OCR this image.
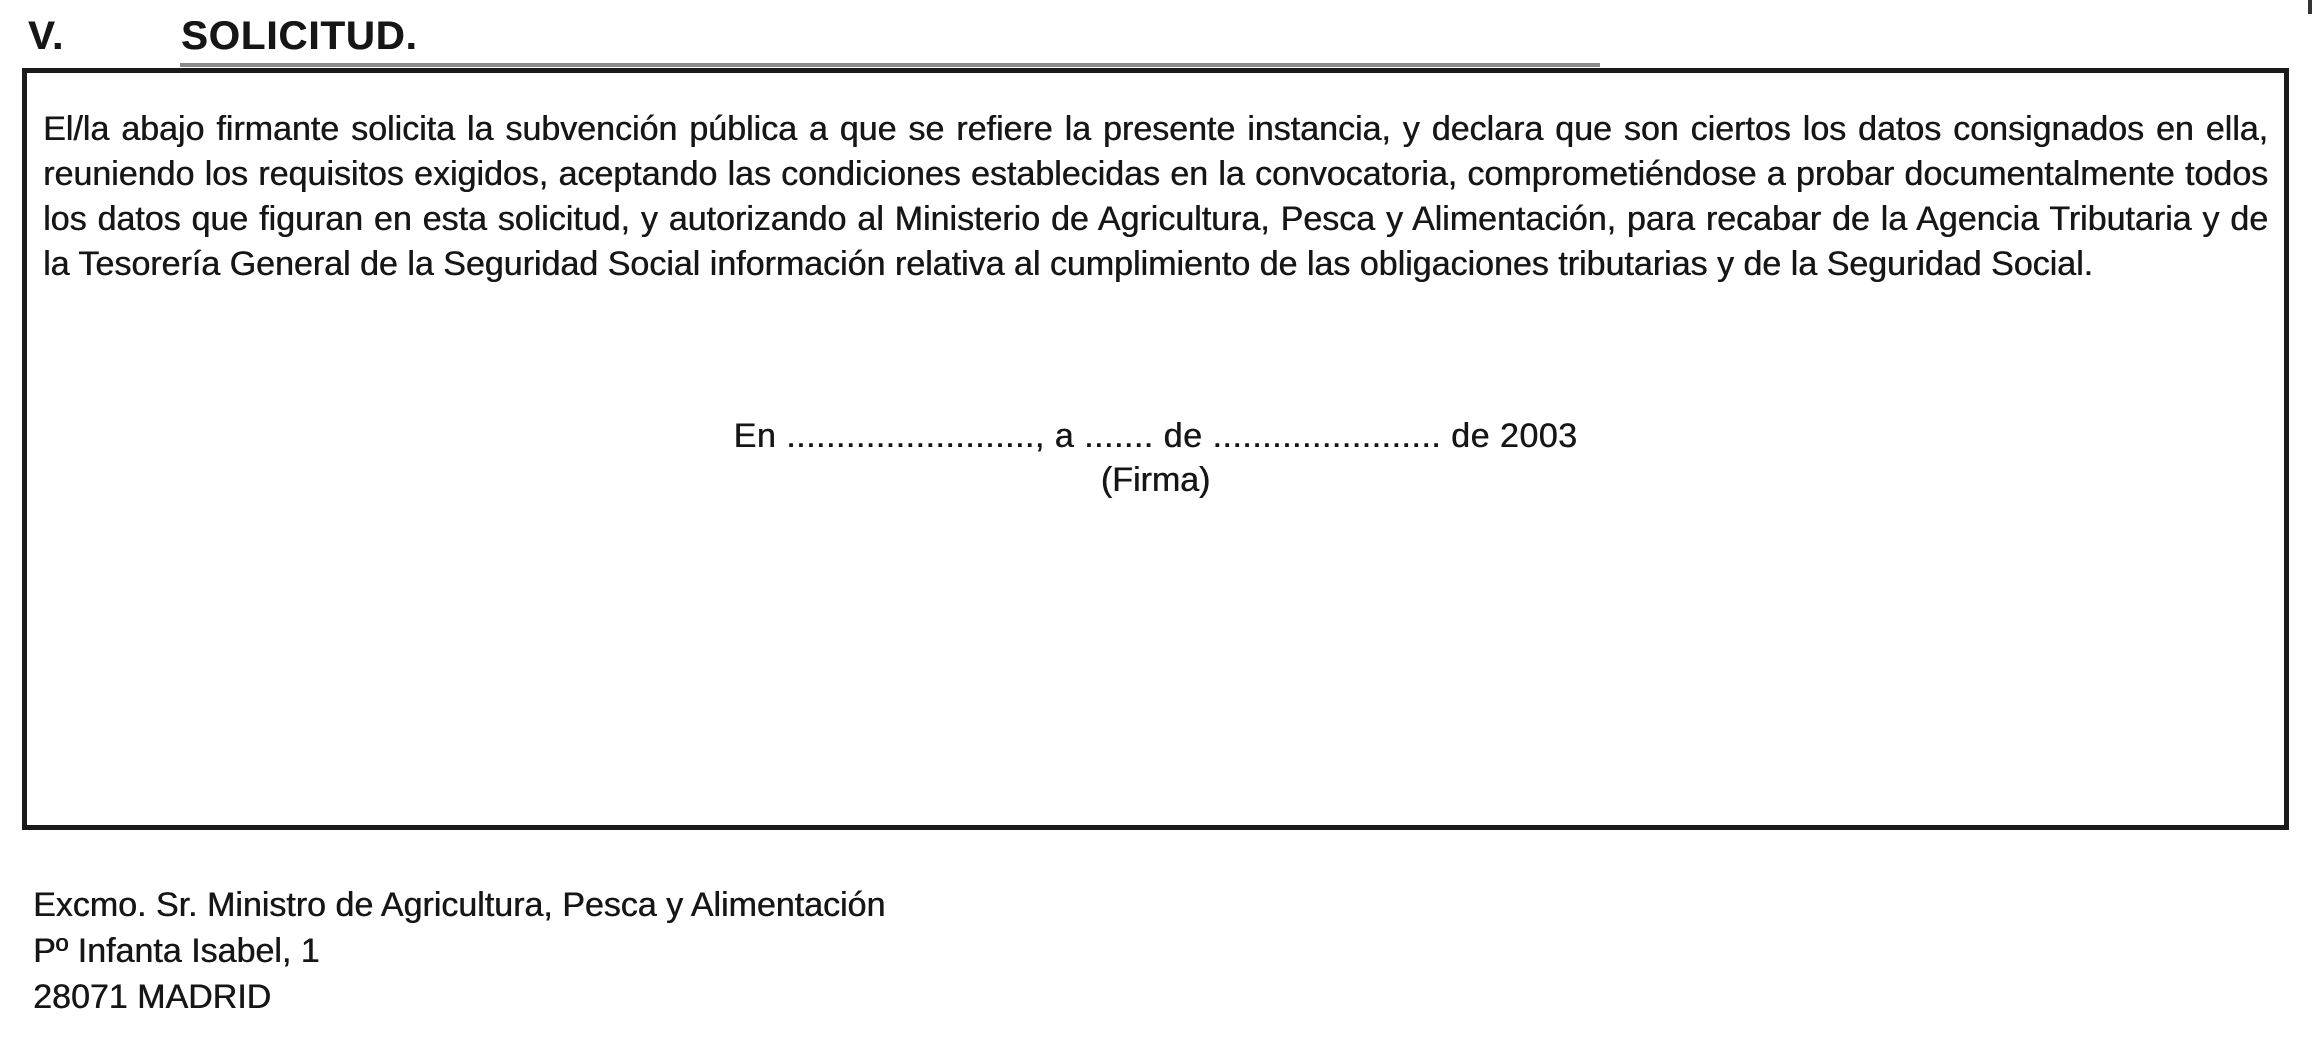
V.	SOLICITUD.

El/la abajo firmante solicita la subvención pública a que se refiere la presente instancia, y declara que son ciertos los datos consignados en ella, reuniendo los requisitos exigidos, aceptando las condiciones establecidas en la convocatoria, comprometiéndose a probar documentalmente todos los datos que figuran en esta solicitud, y autorizando al Ministerio de Agricultura, Pesca y Alimentación, para recabar de la Agencia Tributaria y de la Tesorería General de la Seguridad Social información relativa al cumplimiento de las obligaciones tributarias y de la Seguridad Social.

En ........................., a ....... de ....................... de 2003
(Firma)
Excmo. Sr. Ministro de Agricultura, Pesca y Alimentación
Pº Infanta Isabel, 1
28071 MADRID
